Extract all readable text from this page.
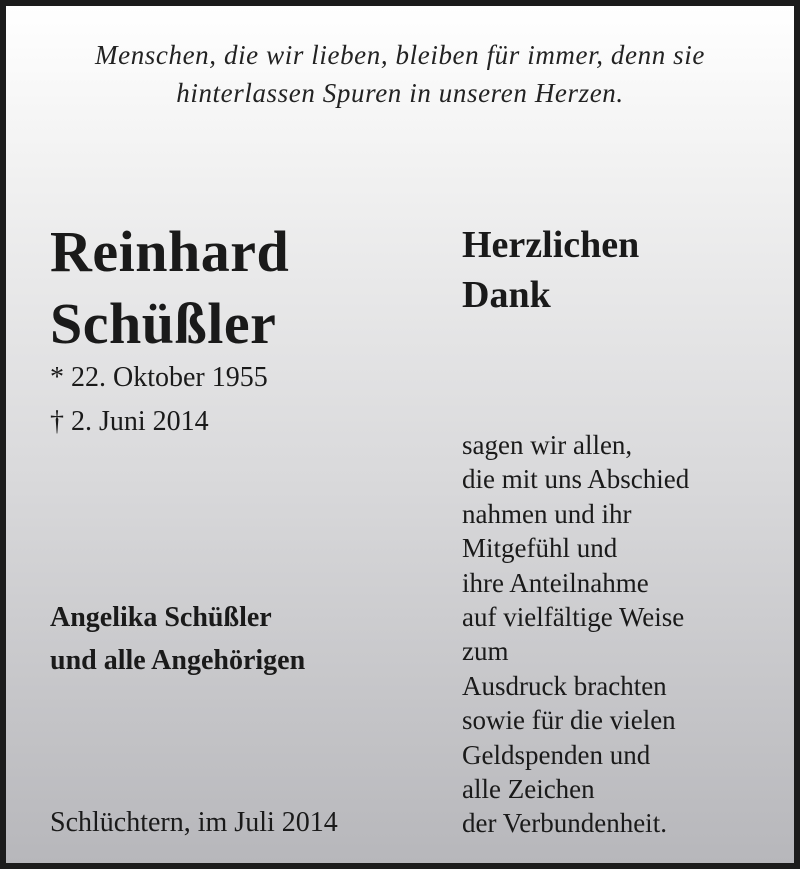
Menschen, die wir lieben, bleiben für immer, denn sie
hinterlassen Spuren in unseren Herzen.
Reinhard
Schüßler
* 22. Oktober 1955
† 2. Juni 2014
Angelika Schüßler
und alle Angehörigen
Schlüchtern, im Juli 2014
Herzlichen
Dank
sagen wir allen,
die mit uns Abschied
nahmen und ihr
Mitgefühl und
ihre Anteilnahme
auf vielfältige Weise
zum
Ausdruck brachten
sowie für die vielen
Geldspenden und
alle Zeichen
der Verbundenheit.
